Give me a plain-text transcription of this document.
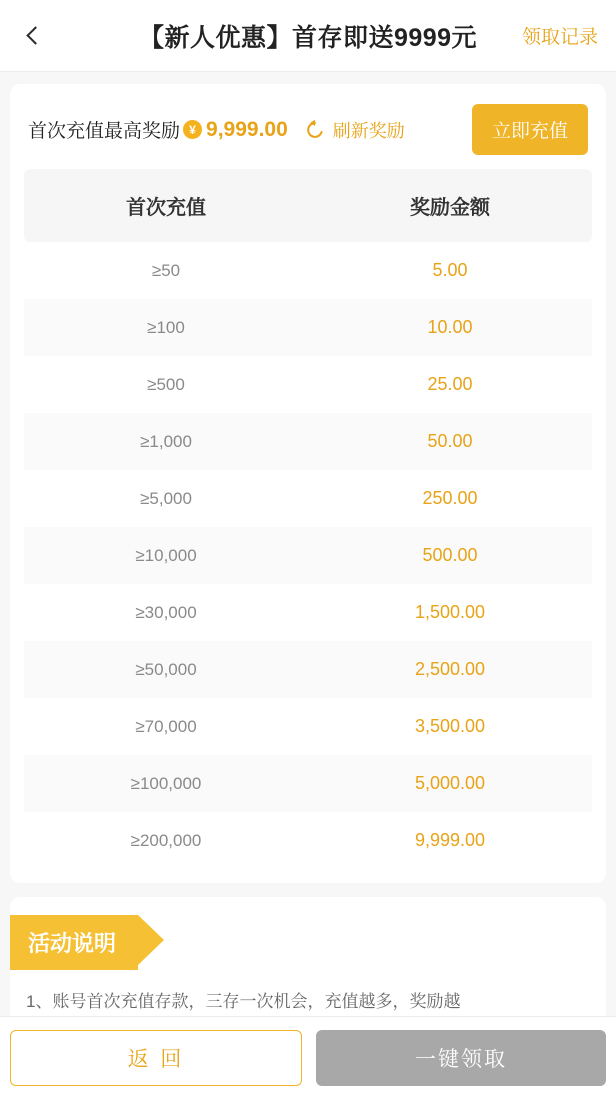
【新人优惠】首存即送9999元	领取记录
首次充值最高奖励 ¥ 9,999.00	刷新奖励	立即充值
首次充值	奖励金额
≥50	5.00
≥100	10.00
≥500	25.00
≥1,000	50.00
≥5,000	250.00
≥10,000	500.00
≥30,000	1,500.00
≥50,000	2,500.00
≥70,000	3,500.00
≥100,000	5,000.00
≥200,000	9,999.00
活动说明
1、账号首次充值存款，三存一次机会，充值越多，奖励越
返 回	一键领取
